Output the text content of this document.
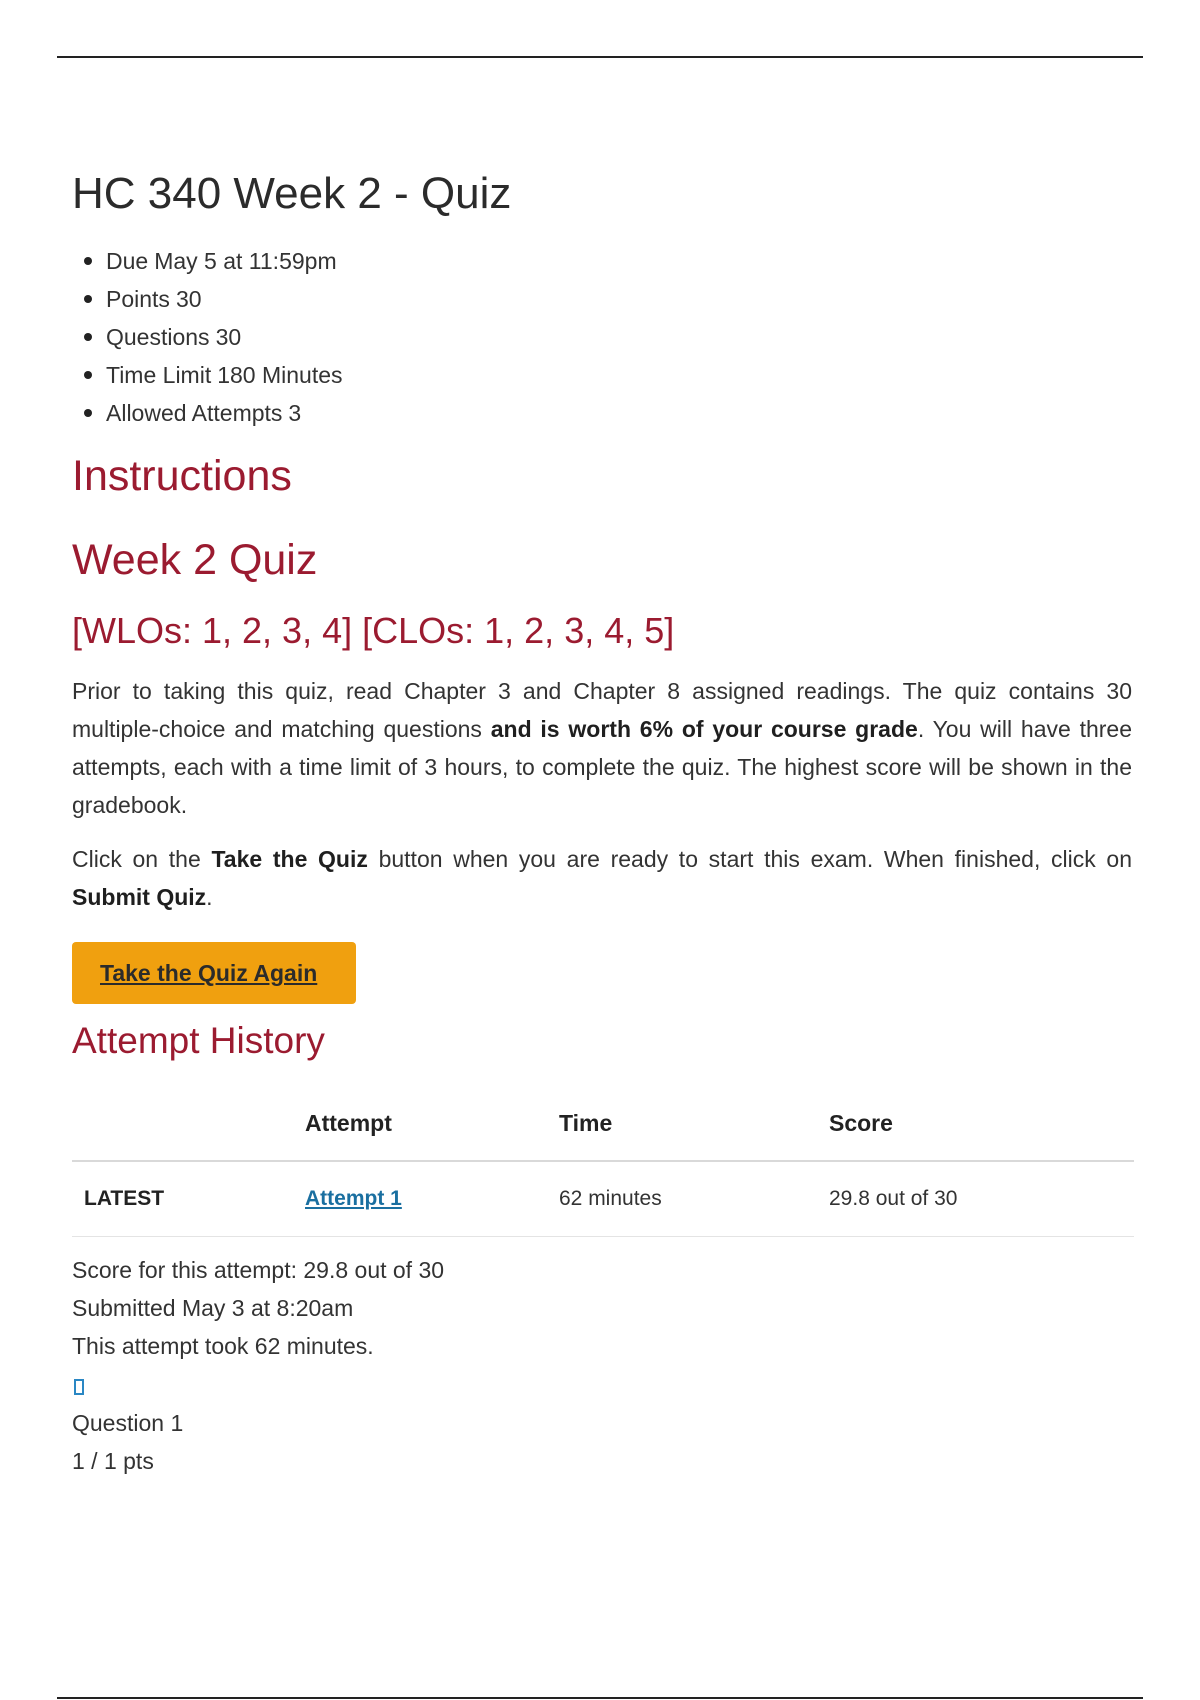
HC 340 Week 2 - Quiz
Due May 5 at 11:59pm
Points 30
Questions 30
Time Limit 180 Minutes
Allowed Attempts 3
Instructions
Week 2 Quiz
[WLOs: 1, 2, 3, 4] [CLOs: 1, 2, 3, 4, 5]

Prior to taking this quiz, read Chapter 3 and Chapter 8 assigned readings. The quiz contains 30 multiple-choice and matching questions and is worth 6% of your course grade. You will have three attempts, each with a time limit of 3 hours, to complete the quiz. The highest score will be shown in the gradebook.

Click on the Take the Quiz button when you are ready to start this exam. When finished, click on Submit Quiz.

Take the Quiz Again
Attempt History
	Attempt	Time	Score
LATEST	Attempt 1	62 minutes	29.8 out of 30
Score for this attempt: 29.8 out of 30
Submitted May 3 at 8:20am
This attempt took 62 minutes.
Question 1
1 / 1 pts
